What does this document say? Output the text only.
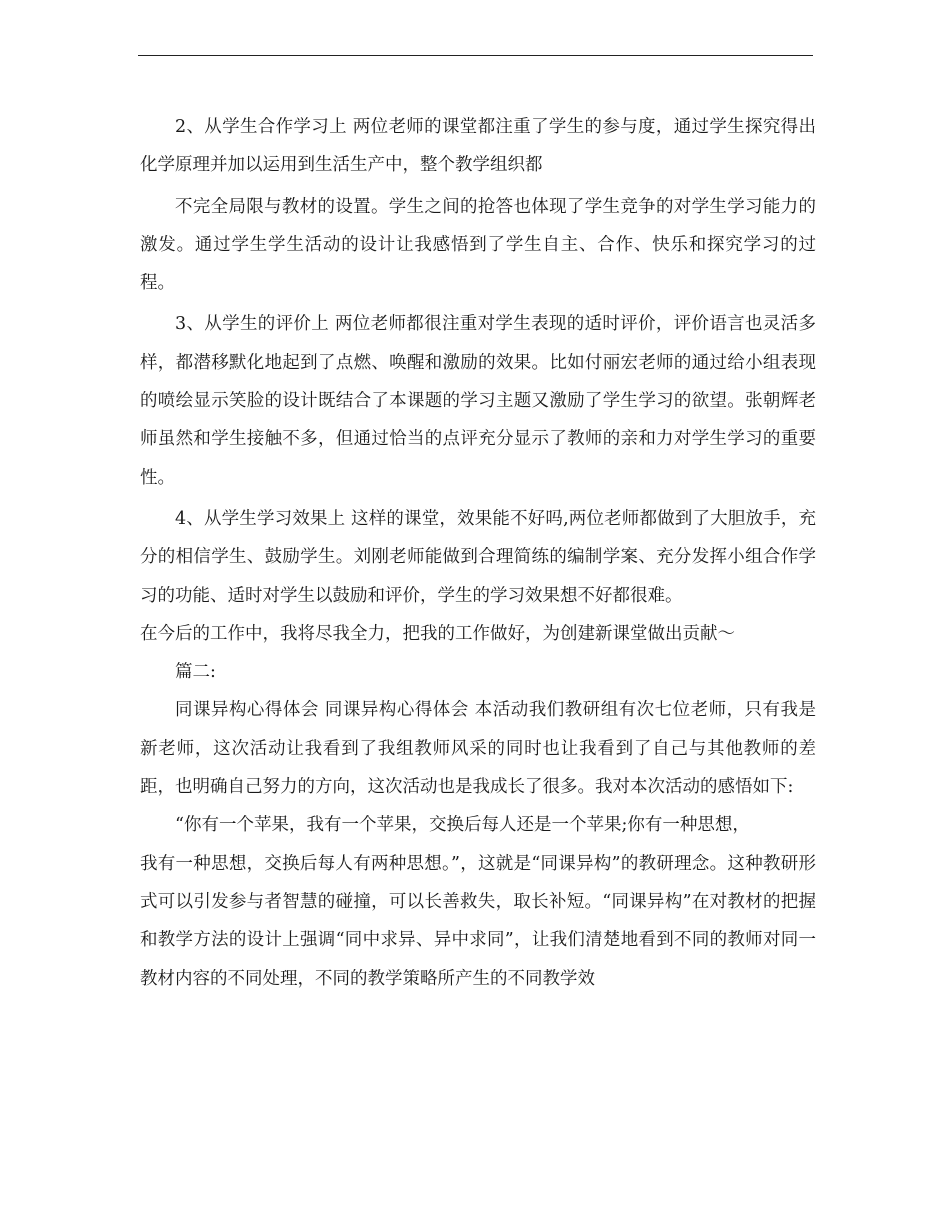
2、从学生合作学习上 两位老师的课堂都注重了学生的参与度，通过学生探究得出化学原理并加以运用到生活生产中，整个教学组织都

不完全局限与教材的设置。学生之间的抢答也体现了学生竞争的对学生学习能力的激发。通过学生学生活动的设计让我感悟到了学生自主、合作、快乐和探究学习的过程。

3、从学生的评价上 两位老师都很注重对学生表现的适时评价，评价语言也灵活多样，都潜移默化地起到了点燃、唤醒和激励的效果。比如付丽宏老师的通过给小组表现的喷绘显示笑脸的设计既结合了本课题的学习主题又激励了学生学习的欲望。张朝辉老师虽然和学生接触不多，但通过恰当的点评充分显示了教师的亲和力对学生学习的重要性。

4、从学生学习效果上 这样的课堂，效果能不好吗,两位老师都做到了大胆放手，充分的相信学生、鼓励学生。刘刚老师能做到合理简练的编制学案、充分发挥小组合作学习的功能、适时对学生以鼓励和评价，学生的学习效果想不好都很难。

在今后的工作中，我将尽我全力，把我的工作做好，为创建新课堂做出贡献～

篇二:

同课异构心得体会 同课异构心得体会 本活动我们教研组有次七位老师，只有我是新老师，这次活动让我看到了我组教师风采的同时也让我看到了自己与其他教师的差距，也明确自己努力的方向，这次活动也是我成长了很多。我对本次活动的感悟如下:

“你有一个苹果，我有一个苹果，交换后每人还是一个苹果;你有一种思想，

我有一种思想，交换后每人有两种思想。”，这就是“同课异构”的教研理念。这种教研形式可以引发参与者智慧的碰撞，可以长善救失，取长补短。“同课异构”在对教材的把握和教学方法的设计上强调“同中求异、异中求同”，让我们清楚地看到不同的教师对同一教材内容的不同处理，不同的教学策略所产生的不同教学效
